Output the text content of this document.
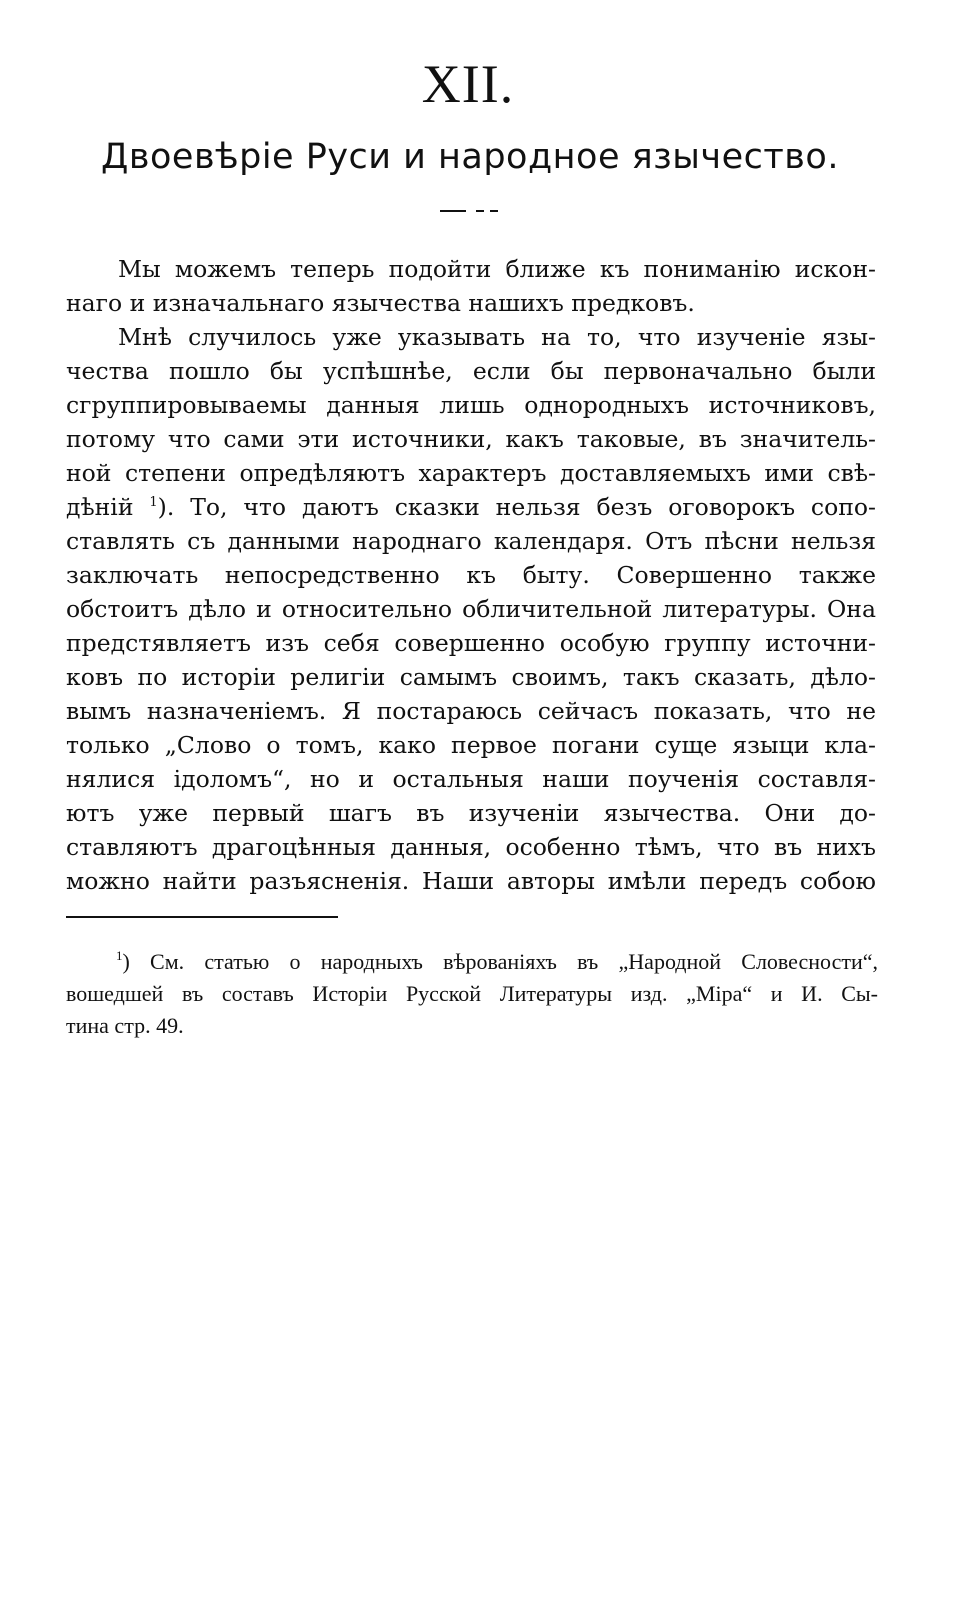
XII.
Двоевѣріе Руси и народное язычество.
Мы можемъ теперь подойти ближе къ пониманію искон-
наго и изначальнаго язычества нашихъ предковъ.
Мнѣ случилось уже указывать на то, что изученіе язы-
чества пошло бы успѣшнѣе, если бы первоначально были
сгруппировываемы данныя лишь однородныхъ источниковъ,
потому что сами эти источники, какъ таковые, въ значитель-
ной степени опредѣляютъ характеръ доставляемыхъ ими свѣ-
дѣній $^1$). То, что даютъ сказки нельзя безъ оговорокъ сопо-
ставлять съ данными народнаго календаря. Отъ пѣсни нельзя
заключать непосредственно къ быту. Совершенно также
обстоитъ дѣло и относительно обличительной литературы. Она
предстявляетъ изъ себя совершенно особую группу источни-
ковъ по исторіи религіи самымъ своимъ, такъ сказать, дѣло-
вымъ назначеніемъ. Я постараюсь сейчасъ показать, что не
только „Слово о томъ, како первое погани суще языци кла-
нялися ідоломъ“, но и остальныя наши поученія составля-
ютъ уже первый шагъ въ изученіи язычества. Они до-
ставляютъ драгоцѣнныя данныя, особенно тѣмъ, что въ нихъ
можно найти разъясненія. Наши авторы имѣли передъ собою
$^1$) См. статью о народныхъ вѣрованіяхъ въ „Народной Словесности“,
вошедшей въ составъ Исторіи Русской Литературы изд. „Міра“ и И. Сы-
тина стр. 49.
